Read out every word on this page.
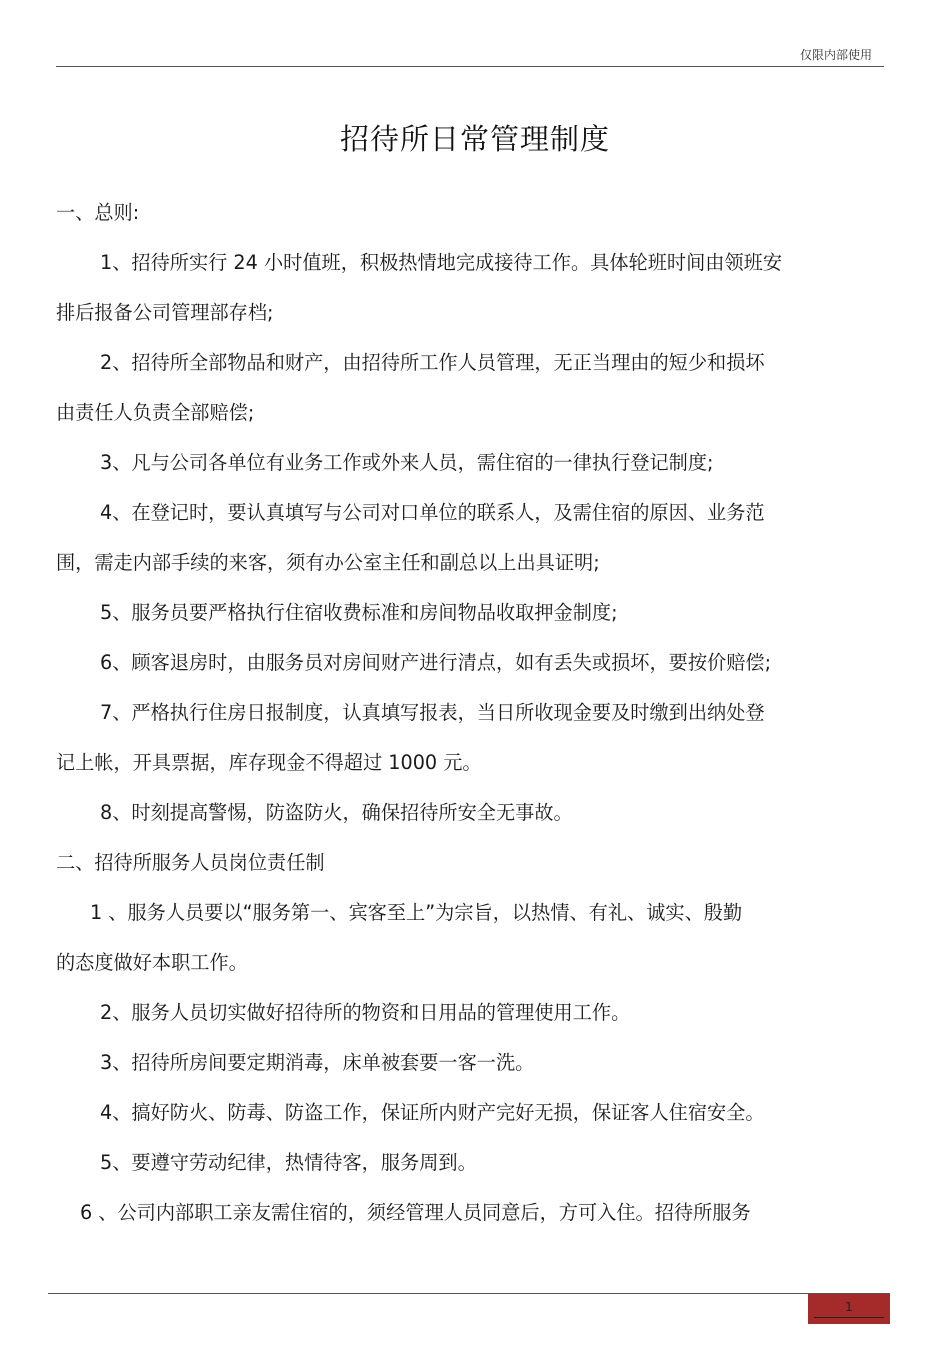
仅限内部使用
招待所日常管理制度
一、总则:
1、招待所实行 24 小时值班，积极热情地完成接待工作。具体轮班时间由领班安
排后报备公司管理部存档;
2、招待所全部物品和财产，由招待所工作人员管理，无正当理由的短少和损坏
由责任人负责全部赔偿;
3、凡与公司各单位有业务工作或外来人员，需住宿的一律执行登记制度;
4、在登记时，要认真填写与公司对口单位的联系人，及需住宿的原因、业务范
围，需走内部手续的来客，须有办公室主任和副总以上出具证明;
5、服务员要严格执行住宿收费标准和房间物品收取押金制度;
6、顾客退房时，由服务员对房间财产进行清点，如有丢失或损坏，要按价赔偿;
7、严格执行住房日报制度，认真填写报表，当日所收现金要及时缴到出纳处登
记上帐，开具票据，库存现金不得超过 1000 元。
8、时刻提高警惕，防盗防火，确保招待所安全无事故。
二、招待所服务人员岗位责任制
1 、服务人员要以“服务第一、宾客至上”为宗旨，以热情、有礼、诚实、殷勤
的态度做好本职工作。
2、服务人员切实做好招待所的物资和日用品的管理使用工作。
3、招待所房间要定期消毒，床单被套要一客一洗。
4、搞好防火、防毒、防盗工作，保证所内财产完好无损，保证客人住宿安全。
5、要遵守劳动纪律，热情待客，服务周到。
6 、公司内部职工亲友需住宿的，须经管理人员同意后，方可入住。招待所服务
1
